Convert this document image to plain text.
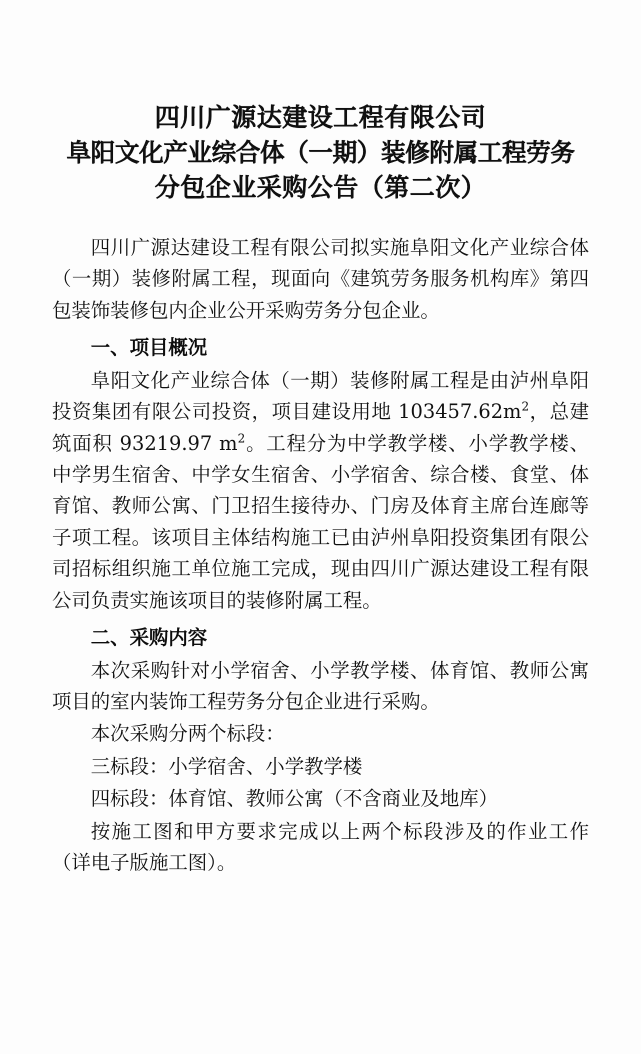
四川广源达建设工程有限公司
阜阳文化产业综合体（一期）装修附属工程劳务
分包企业采购公告（第二次）

四川广源达建设工程有限公司拟实施阜阳文化产业综合体（一期）装修附属工程，现面向《建筑劳务服务机构库》第四包装饰装修包内企业公开采购劳务分包企业。

一、项目概况

阜阳文化产业综合体（一期）装修附属工程是由泸州阜阳投资集团有限公司投资，项目建设用地 $103457.62m^2$，总建筑面积 93219.97 $m^2$。工程分为中学教学楼、小学教学楼、中学男生宿舍、中学女生宿舍、小学宿舍、综合楼、食堂、体育馆、教师公寓、门卫招生接待办、门房及体育主席台连廊等子项工程。该项目主体结构施工已由泸州阜阳投资集团有限公司招标组织施工单位施工完成，现由四川广源达建设工程有限公司负责实施该项目的装修附属工程。

二、采购内容

本次采购针对小学宿舍、小学教学楼、体育馆、教师公寓项目的室内装饰工程劳务分包企业进行采购。

本次采购分两个标段：

三标段：小学宿舍、小学教学楼

四标段：体育馆、教师公寓（不含商业及地库）

按施工图和甲方要求完成以上两个标段涉及的作业工作（详电子版施工图）。
